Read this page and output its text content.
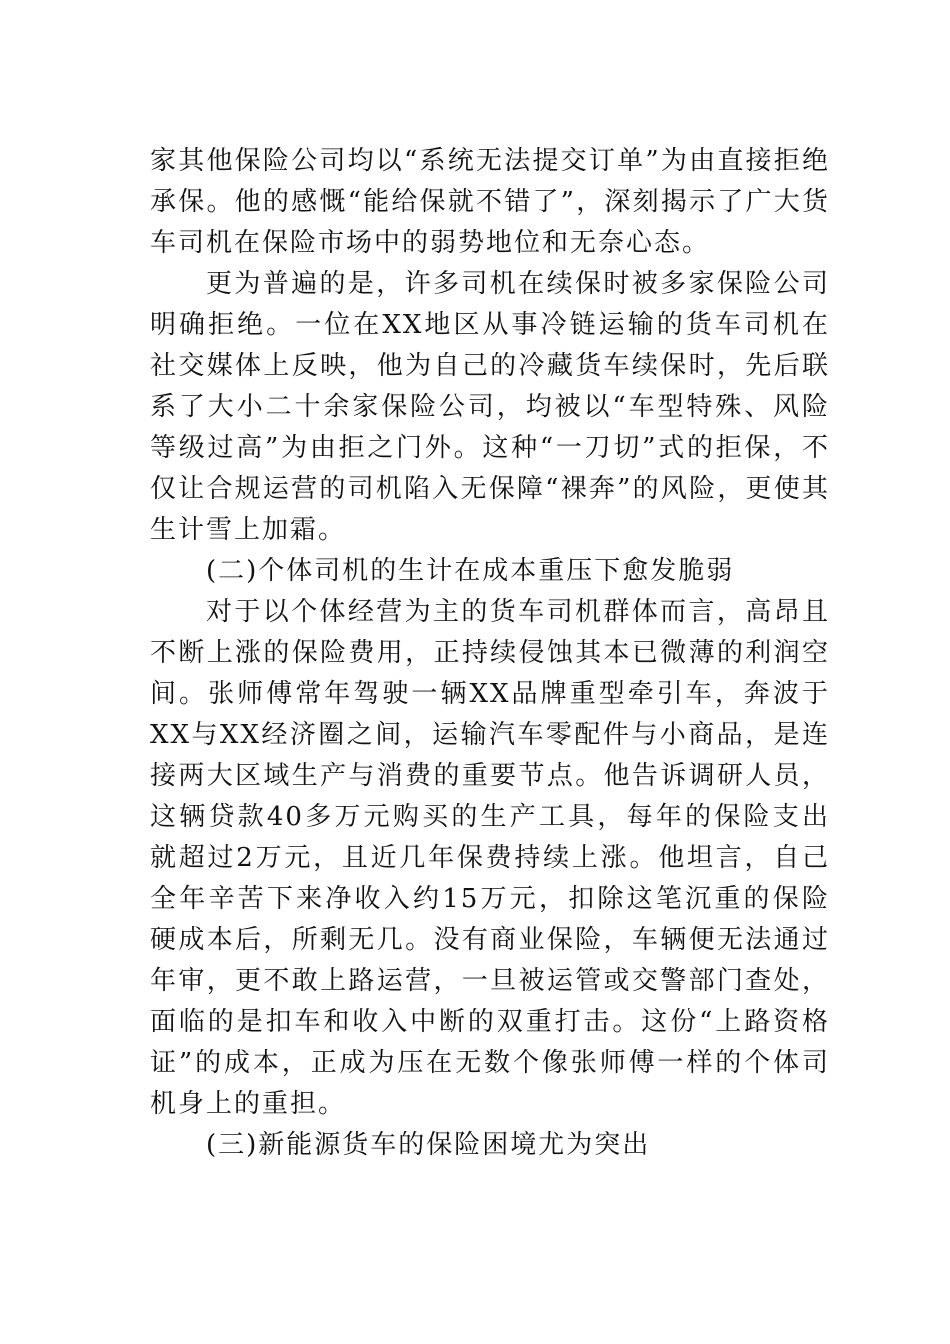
家其他保险公司均以“系统无法提交订单”为由直接拒绝承保。他的感慨“能给保就不错了”，深刻揭示了广大货车司机在保险市场中的弱势地位和无奈心态。

更为普遍的是，许多司机在续保时被多家保险公司明确拒绝。一位在XX地区从事冷链运输的货车司机在社交媒体上反映，他为自己的冷藏货车续保时，先后联系了大小二十余家保险公司，均被以“车型特殊、风险等级过高”为由拒之门外。这种“一刀切”式的拒保，不仅让合规运营的司机陷入无保障“裸奔”的风险，更使其生计雪上加霜。

(二)个体司机的生计在成本重压下愈发脆弱

对于以个体经营为主的货车司机群体而言，高昂且不断上涨的保险费用，正持续侵蚀其本已微薄的利润空间。张师傅常年驾驶一辆XX品牌重型牵引车，奔波于XX与XX经济圈之间，运输汽车零配件与小商品，是连接两大区域生产与消费的重要节点。他告诉调研人员，这辆贷款40多万元购买的生产工具，每年的保险支出就超过2万元，且近几年保费持续上涨。他坦言，自己全年辛苦下来净收入约15万元，扣除这笔沉重的保险硬成本后，所剩无几。没有商业保险，车辆便无法通过年审，更不敢上路运营，一旦被运管或交警部门查处，面临的是扣车和收入中断的双重打击。这份“上路资格证”的成本，正成为压在无数个像张师傅一样的个体司机身上的重担。

(三)新能源货车的保险困境尤为突出
